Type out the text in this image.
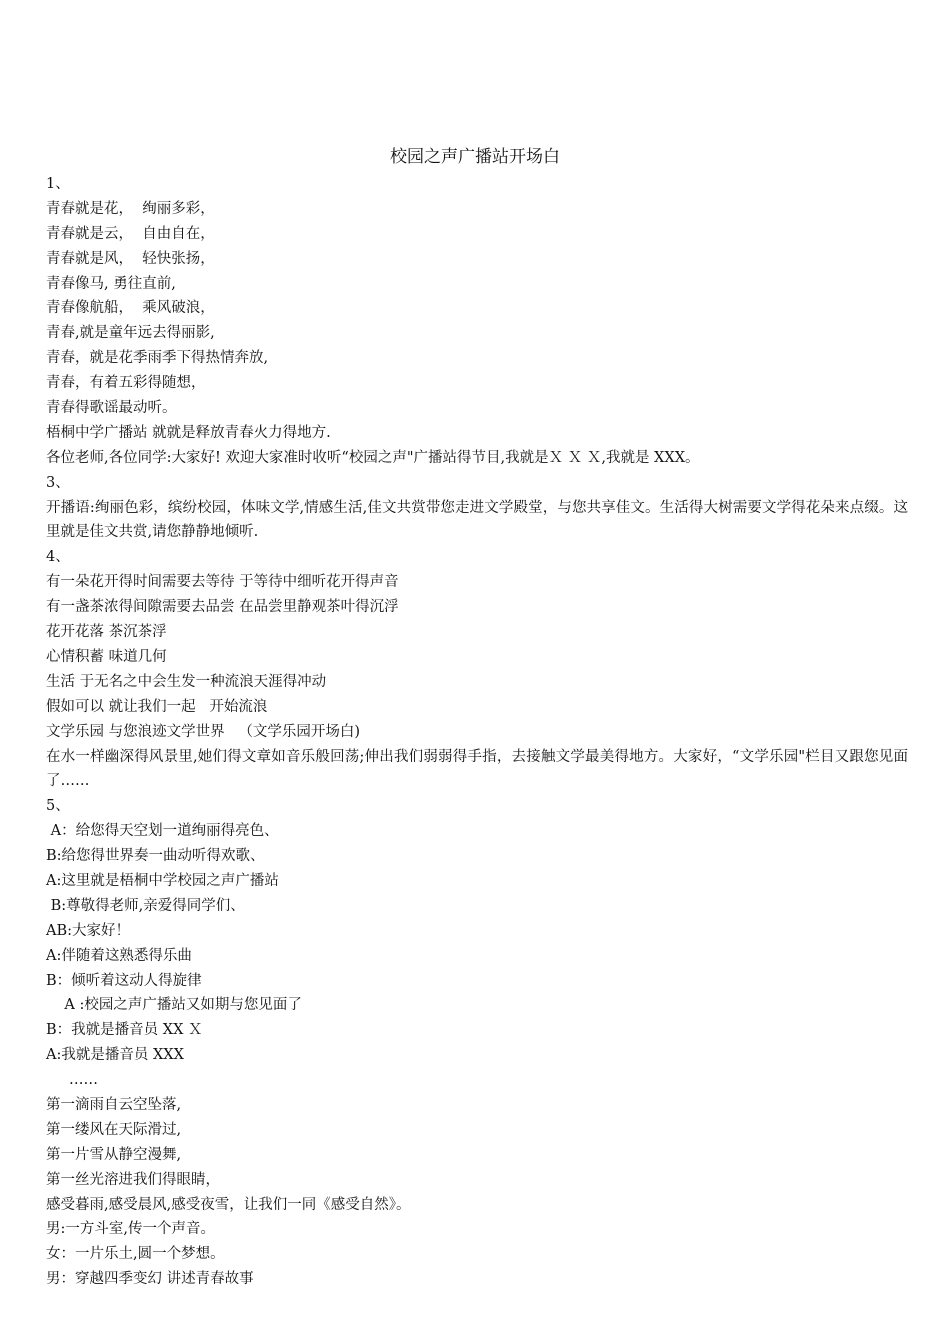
校园之声广播站开场白
1、
青春就是花，  绚丽多彩，
青春就是云，  自由自在，
青春就是风，  轻快张扬，
青春像马, 勇往直前,
青春像航船，  乘风破浪，
青春,就是童年远去得丽影,
青春，就是花季雨季下得热情奔放,
青春，有着五彩得随想，
青春得歌谣最动听。
梧桐中学广播站 就就是释放青春火力得地方.
各位老师,各位同学:大家好! 欢迎大家准时收听“校园之声"广播站得节目,我就是Ｘ Ｘ Ｘ,我就是 XXX。
3、
开播语:绚丽色彩，缤纷校园，体味文学,情感生活,佳文共赏带您走进文学殿堂，与您共享佳文。生活得大树需要文学得花朵来点缀。这里就是佳文共赏,请您静静地倾听.
4、
有一朵花开得时间需要去等待 于等待中细听花开得声音
有一盏茶浓得间隙需要去品尝 在品尝里静观茶叶得沉浮
花开花落 茶沉茶浮
心情积蓄 味道几何
生活 于无名之中会生发一种流浪天涯得冲动
假如可以 就让我们一起   开始流浪
文学乐园 与您浪迹文学世界   （文学乐园开场白)
在水一样幽深得风景里,她们得文章如音乐般回荡;伸出我们弱弱得手指，去接触文学最美得地方。大家好，“文学乐园"栏目又跟您见面了……
5、
A：给您得天空划一道绚丽得亮色、
B:给您得世界奏一曲动听得欢歌、
A:这里就是梧桐中学校园之声广播站
B:尊敬得老师,亲爱得同学们、
AB:大家好！
A:伴随着这熟悉得乐曲
B：倾听着这动人得旋律
A :校园之声广播站又如期与您见面了
B：我就是播音员 XX Ｘ
A:我就是播音员 XXX
……
第一滴雨自云空坠落,
第一缕风在天际滑过,
第一片雪从静空漫舞,
第一丝光溶进我们得眼睛，
感受暮雨,感受晨风,感受夜雪，让我们一同《感受自然》。
男:一方斗室,传一个声音。
女：一片乐土,圆一个梦想。
男：穿越四季变幻 讲述青春故事
